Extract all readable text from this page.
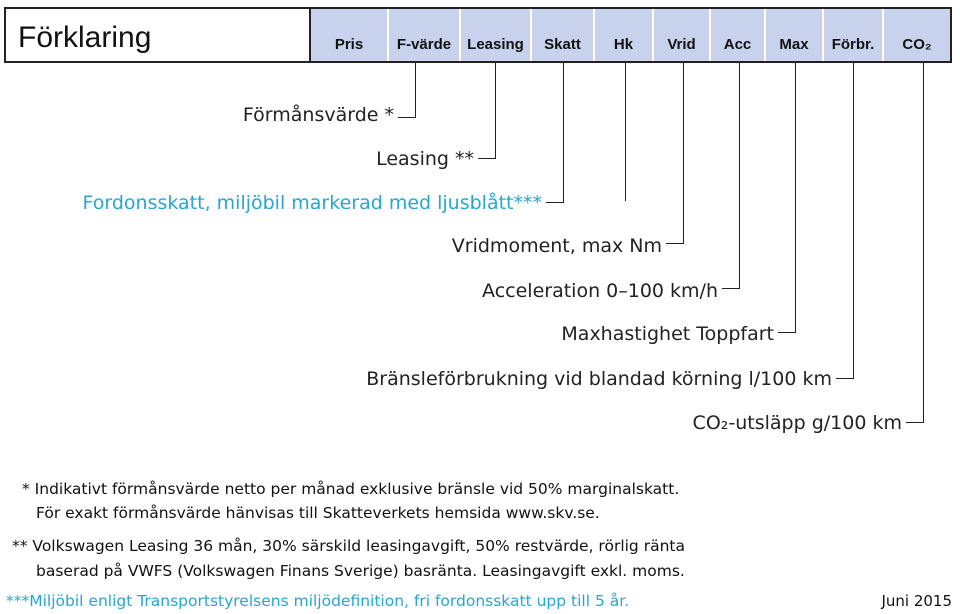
Förklaring	Pris	F-värde	Leasing	Skatt	Hk	Vrid	Acc	Max	Förbr.	CO₂
Förmånsvärde *
Leasing **
Fordonsskatt, miljöbil markerad med ljusblått***
Vridmoment, max Nm
Acceleration 0–100 km/h
Maxhastighet Toppfart
Bränsleförbrukning vid blandad körning l/100 km
CO₂-utsläpp g/100 km
* Indikativt förmånsvärde netto per månad exklusive bränsle vid 50% marginalskatt.
För exakt förmånsvärde hänvisas till Skatteverkets hemsida www.skv.se.
** Volkswagen Leasing 36 mån, 30% särskild leasingavgift, 50% restvärde, rörlig ränta
baserad på VWFS (Volkswagen Finans Sverige) basränta. Leasingavgift exkl. moms.
***Miljöbil enligt Transportstyrelsens miljödefinition, fri fordonsskatt upp till 5 år.	Juni 2015
